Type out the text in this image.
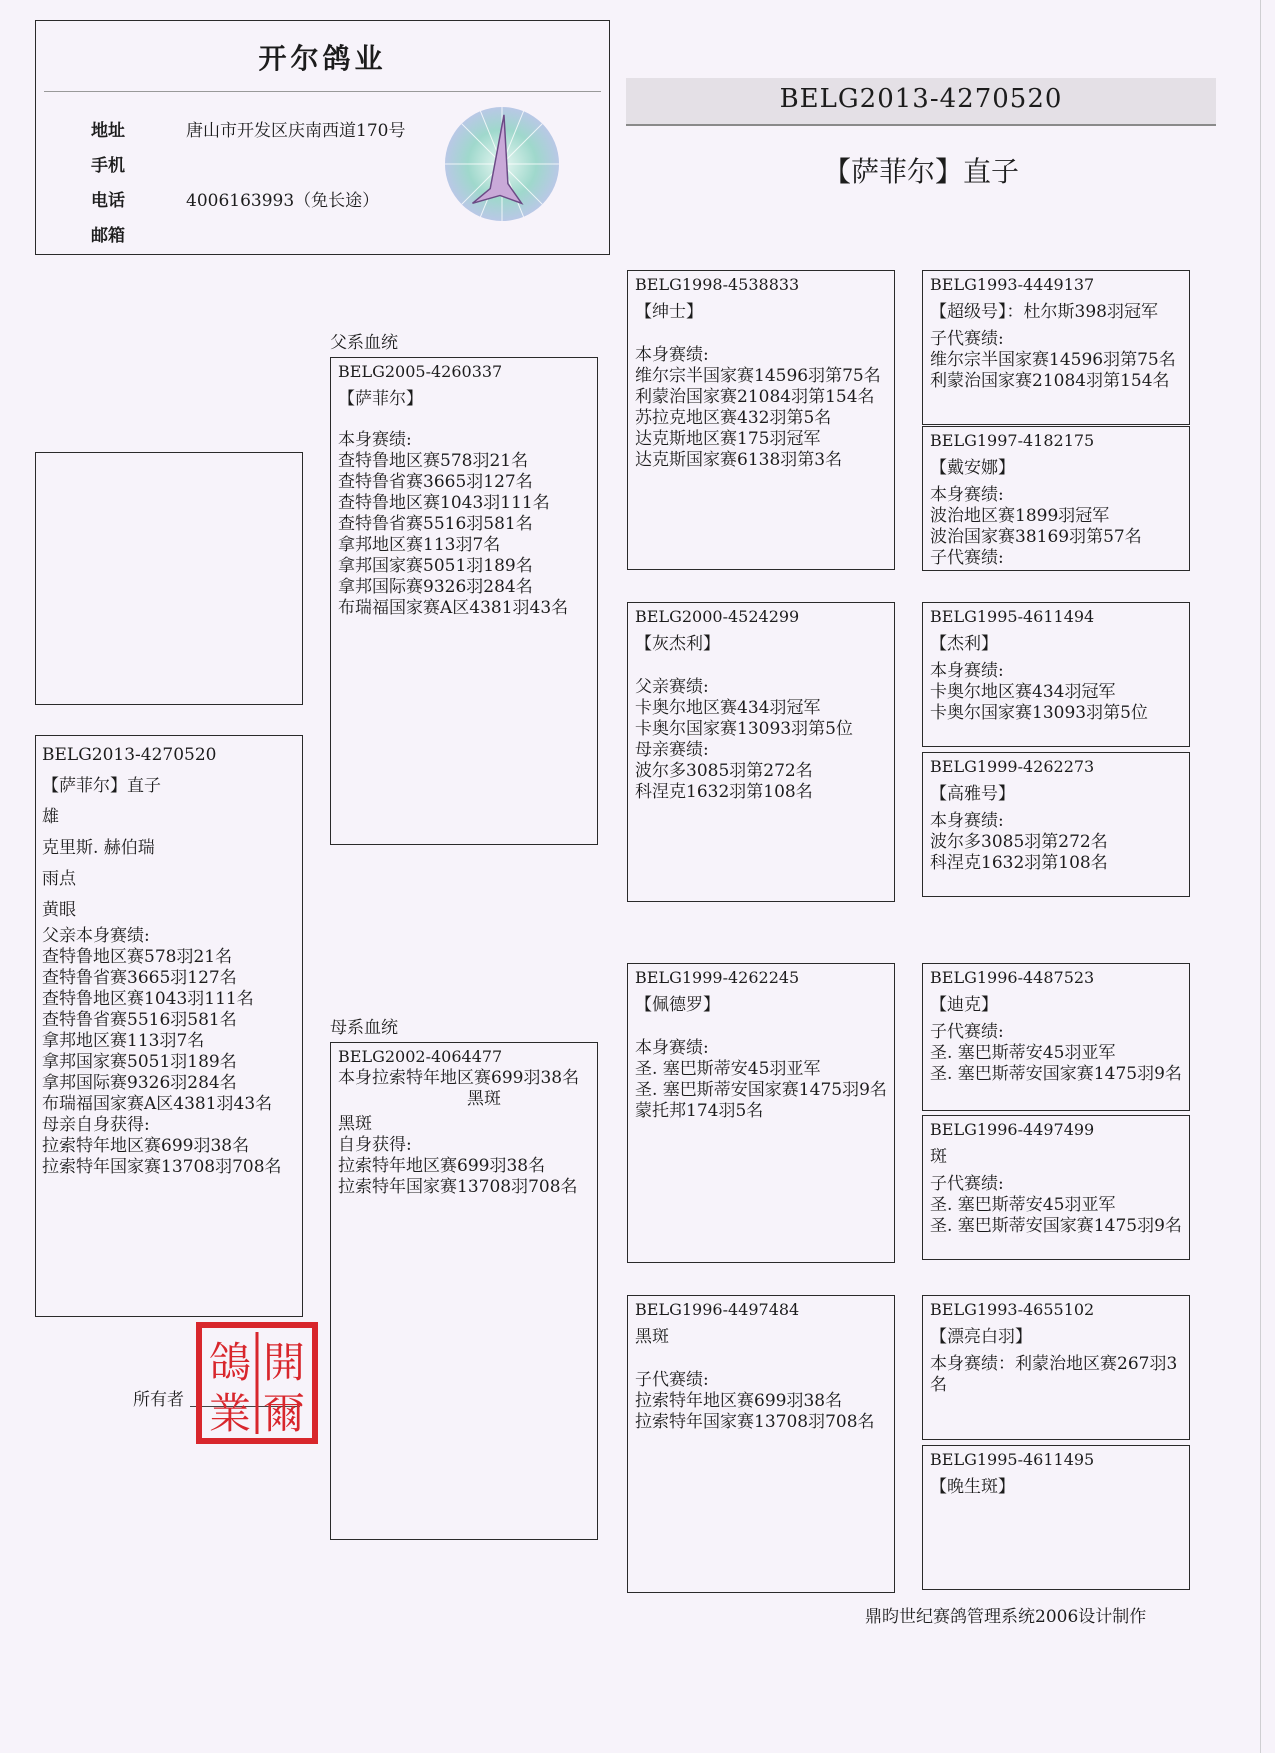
开尔鸽业
地址	唐山市开发区庆南西道170号
手机
电话	4006163993（免长途）
邮箱
BELG2013-4270520
【萨菲尔】直子
父系血统
母系血统
BELG2013-4270520
【萨菲尔】直子
雄
克里斯. 赫伯瑞
雨点
黄眼
父亲本身赛绩:
查特鲁地区赛578羽21名
查特鲁省赛3665羽127名
查特鲁地区赛1043羽111名
查特鲁省赛5516羽581名
拿邦地区赛113羽7名
拿邦国家赛5051羽189名
拿邦国际赛9326羽284名
布瑞福国家赛A区4381羽43名
母亲自身获得:
拉索特年地区赛699羽38名
拉索特年国家赛13708羽708名
BELG2005-4260337
【萨菲尔】
本身赛绩:
查特鲁地区赛578羽21名
查特鲁省赛3665羽127名
查特鲁地区赛1043羽111名
查特鲁省赛5516羽581名
拿邦地区赛113羽7名
拿邦国家赛5051羽189名
拿邦国际赛9326羽284名
布瑞福国家赛A区4381羽43名
BELG2002-4064477
本身拉索特年地区赛699羽38名
黑斑
黑斑
自身获得:
拉索特年地区赛699羽38名
拉索特年国家赛13708羽708名
BELG1998-4538833
【绅士】
本身赛绩:
维尔宗半国家赛14596羽第75名
利蒙治国家赛21084羽第154名
苏拉克地区赛432羽第5名
达克斯地区赛175羽冠军
达克斯国家赛6138羽第3名
BELG2000-4524299
【灰杰利】
父亲赛绩:
卡奥尔地区赛434羽冠军
卡奥尔国家赛13093羽第5位
母亲赛绩:
波尔多3085羽第272名
科涅克1632羽第108名
BELG1999-4262245
【佩德罗】
本身赛绩:
圣. 塞巴斯蒂安45羽亚军
圣. 塞巴斯蒂安国家赛1475羽9名
蒙托邦174羽5名
BELG1996-4497484
黑斑
子代赛绩:
拉索特年地区赛699羽38名
拉索特年国家赛13708羽708名
BELG1993-4449137
【超级号】：杜尔斯398羽冠军
子代赛绩:
维尔宗半国家赛14596羽第75名
利蒙治国家赛21084羽第154名
BELG1997-4182175
【戴安娜】
本身赛绩:
波治地区赛1899羽冠军
波治国家赛38169羽第57名
子代赛绩:
BELG1995-4611494
【杰利】
本身赛绩:
卡奥尔地区赛434羽冠军
卡奥尔国家赛13093羽第5位
BELG1999-4262273
【高雅号】
本身赛绩:
波尔多3085羽第272名
科涅克1632羽第108名
BELG1996-4487523
【迪克】
子代赛绩:
圣. 塞巴斯蒂安45羽亚军
圣. 塞巴斯蒂安国家赛1475羽9名
BELG1996-4497499
斑
子代赛绩:
圣. 塞巴斯蒂安45羽亚军
圣. 塞巴斯蒂安国家赛1475羽9名
BELG1993-4655102
【漂亮白羽】
本身赛绩：利蒙治地区赛267羽3名
BELG1995-4611495
【晚生斑】
所有者
開
爾
鴿
業
鼎昀世纪赛鸽管理系统2006设计制作
